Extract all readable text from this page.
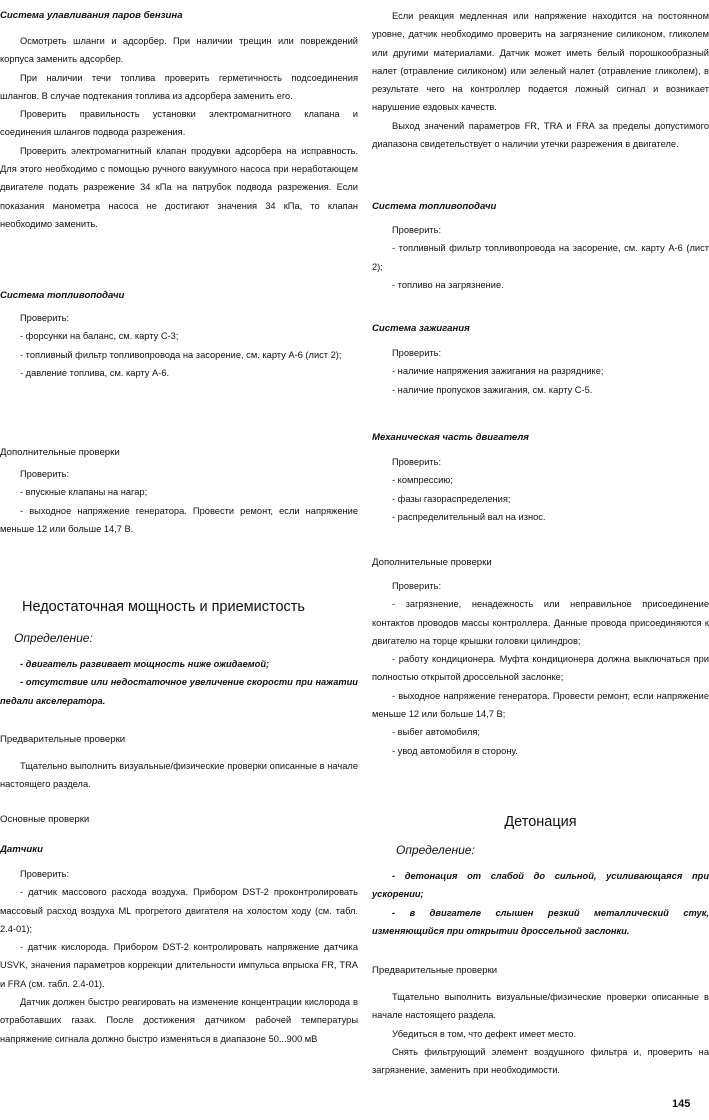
Система улавливания паров бензина

Осмотреть шланги и адсорбер. При наличии трещин или повреждений корпуса заменить адсорбер.

При наличии течи топлива проверить герметичность подсоединения шлангов. В случае подтекания топлива из адсорбера заменить его.

Проверить правильность установки электромагнитного клапана и соединения шлангов подвода разрежения.

Проверить электромагнитный клапан продувки адсорбера на исправность. Для этого необходимо с помощью ручного вакуумного насоса при неработающем двигателе подать разрежение 34 кПа на патрубок подвода разрежения. Если показания манометра насоса не достигают значения 34 кПа, то клапан необходимо заменить.

Система топливоподачи

Проверить:

- форсунки на баланс, см. карту С-3;

- топливный фильтр топливопровода на засорение, см. карту А-6 (лист 2);

- давление топлива, см. карту А-6.

Дополнительные проверки

Проверить:

- впускные клапаны на нагар;

- выходное напряжение генератора. Провести ремонт, если напряжение меньше 12 или больше 14,7 В.

Недостаточная мощность и приемистость
Определение:

- двигатель развивает мощность ниже ожидаемой;

- отсутствие или недостаточное увеличение скорости при нажатии педали акселератора.

Предварительные проверки

Тщательно выполнить визуальные/физические проверки описанные в начале настоящего раздела.

Основные проверки
Датчики

Проверить:

- датчик массового расхода воздуха. Прибором DST-2 проконтролировать массовый расход воздуха ML прогретого двигателя на холостом ходу (см. табл. 2.4-01);

- датчик кислорода. Прибором DST-2 контролировать напряжение датчика USVK, значения параметров коррекции длительности импульса впрыска FR, TRA и FRA (см. табл. 2.4-01).

Датчик должен быстро реагировать на изменение концентрации кислорода в отработавших газах. После достижения датчиком рабочей температуры напряжение сигнала должно быстро изменяться в диапазоне 50...900 мВ

Если реакция медленная или напряжение находится на постоянном уровне, датчик необходимо проверить на загрязнение силиконом, гликолем или другими материалами. Датчик может иметь белый порошкообразный налет (отравление силиконом) или зеленый налет (отравление гликолем), в результате чего на контроллер подается ложный сигнал и возникает нарушение ездовых качеств.

Выход значений параметров FR, TRA и FRA за пределы допустимого диапазона свидетельствует о наличии утечки разрежения в двигателе.

Система топливоподачи

Проверить:

- топливный фильтр топливопровода на засорение, см. карту А-6 (лист 2);

- топливо на загрязнение.

Система зажигания

Проверить:

- наличие напряжения зажигания на разряднике;

- наличие пропусков зажигания, см. карту С-5.

Механическая часть двигателя

Проверить:

- компрессию;

- фазы газораспределения;

- распределительный вал на износ.

Дополнительные проверки

Проверить:

- загрязнение, ненадежность или неправильное присоединение контактов проводов массы контроллера. Данные провода присоединяются к двигателю на торце крышки головки цилиндров;

- работу кондиционера. Муфта кондиционера должна выключаться при полностью открытой дроссельной заслонке;

- выходное напряжение генератора. Провести ремонт, если напряжение меньше 12 или больше 14,7 В;

- выбег автомобиля;

- увод автомобиля в сторону.

Детонация
Определение:

- детонация от слабой до сильной, усиливающаяся при ускорении;

- в двигателе слышен резкий металлический стук, изменяющийся при открытии дроссельной заслонки.

Предварительные проверки

Тщательно выполнить визуальные/физические проверки описанные в начале настоящего раздела.

Убедиться в том, что дефект имеет место.

Снять фильтрующий элемент воздушного фильтра и, проверить на загрязнение, заменить при необходимости.

145
